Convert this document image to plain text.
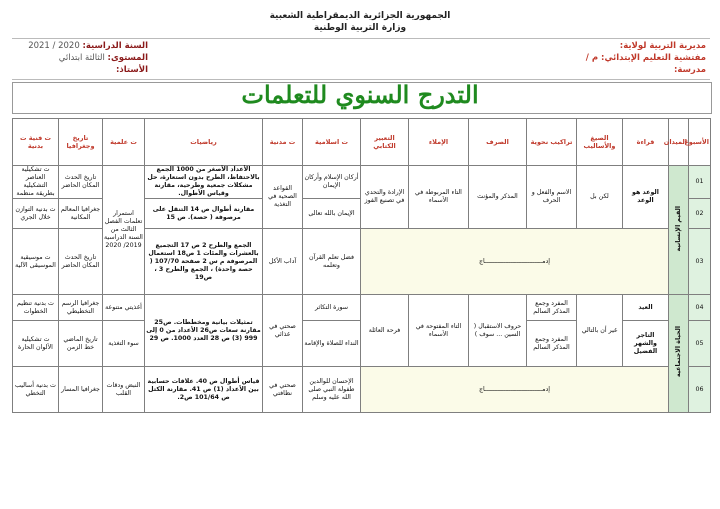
الجمهورية الجزائرية الديمقراطية الشعبية
وزارة التربية الوطنية
مديرية التربية لولاية:
مفتشية التعليم الإبتدائي: م /
مدرسة:
السنة الدراسية: 2020 / 2021
المستوى: الثالثة ابتدائي
الأستاذ:
التدرج السنوي للتعلمات
الأسبوع	الميدان	قراءة	الصيغ والأساليب	تراكيب نحوية	الصرف	الإملاء	التعبير الكتابي	ت اسلامية	ت مدنية	رياضيات	ت علمية	تاريخ وجغرافيا	ت فنية ت بدنية
01	القيم الإنسانية	الوعد هو الوعد	لكن بل	الاسم والفعل و الحرف	المذكر والمؤنث	التاء المربوطة في الأسماء	الإرادة والتحدي في تصنيع الفوز	أركان الإسلام وأركان الإيمان	القواعد الصحية في التغذية	الأعداد الأصغر من 1000 الجمع بالاحتفاظ، الطرح بدون استعارة، حل مشكلات جمعية وطرحية، مقارنة وقياس الأطوال.	استمرار تعلمات الفصل الثالث من السنة الدراسية 2019/ 2020	تاريخ الحدث المكان الحاضر	ت تشكيلية العناصر التشكيلية بطريقة منظمة
02								الإيمان بالله تعالى		مقارنة أطوال ص 14 التنقل على مرصوفة ( حصة). ص 15		جغرافيا المعالم المكانية	ت بدنية التوازن خلال الجري
03		إدمـــــــــــــــــــــــــــــــاج						فضل تعلم القرآن وتعلمه	آداب الأكل	الجمع والطرح 2 ص 17 التجميع بالعشرات والمئات 1 ص18 استعمال المرصوفة م س 2 صفحة 107/70 ( حصة واحدة) ، الجمع والطرح 3 ، ص19		تاريخ الحدث المكان الحاضر	ت موسيقية الموسيقى الآلية
04	الحياة الاجتماعية	العيد	غير أن بالتالي	المفرد وجمع المذكر السالم	حروف الاستقبال ( السين ... سوف )	التاء المفتوحة في الأسماء	فرحة العائلة	سورة التكاثر	صحتي في غذائي	تمثيلات بيانية ومخططات. ص25 مقارنة سعات ص26 الأعداد من 0 إلى 999 (3) ص 28 العدد 1000. ص 29	أغذيتي متنوعة	جغرافيا الرسم التخطيطي	ت بدنية تنظيم الخطوات
05		التاجر والشهر الفضيل		المفرد وجمع المذكر السالم				النداء للصلاة والإقامة			سوء التغذية	تاريخ الماضي خط الزمن	ت تشكيلية الألوان الحارة
06		إدمـــــــــــــــــــــــــــــــاج						الإحسان للوالدين طفولة النبي صلى الله عليه وسلم	صحتي في نظافتي	قياس أطوال ص 40. علاقات حسابية بين الأعداد (1) ص 41. مقارنة الكتل ص 101/64 ص2.	النبض ودقات القلب	جغرافيا المسار	ت بدنية أساليب التخطي
